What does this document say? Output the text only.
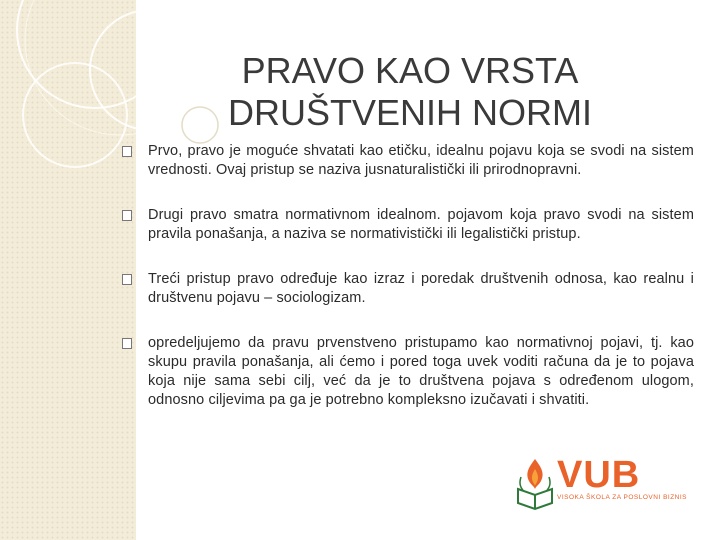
PRAVO KAO VRSTA
DRUŠTVENIH NORMI
Prvo, pravo je moguće shvatati kao etičku, idealnu pojavu koja se svodi na sistem vrednosti. Ovaj pristup se naziva jusnaturalistički ili prirodnopravni.
Drugi pravo smatra normativnom idealnom. pojavom koja pravo svodi na sistem pravila ponašanja, a naziva se normativistički ili legalistički pristup.
Treći pristup pravo određuje kao izraz i poredak društvenih odnosa, kao realnu i društvenu pojavu – sociologizam.
opredeljujemo da pravu prvenstveno pristupamo kao normativnoj pojavi, tj. kao skupu pravila ponašanja, ali ćemo i pored toga uvek voditi računa da je to pojava koja nije sama sebi cilj, već da je to društvena pojava s određenom ulogom, odnosno ciljevima pa ga je potrebno kompleksno izučavati i shvatiti.
VUB
VISOKA ŠKOLA ZA POSLOVNI BIZNIS
